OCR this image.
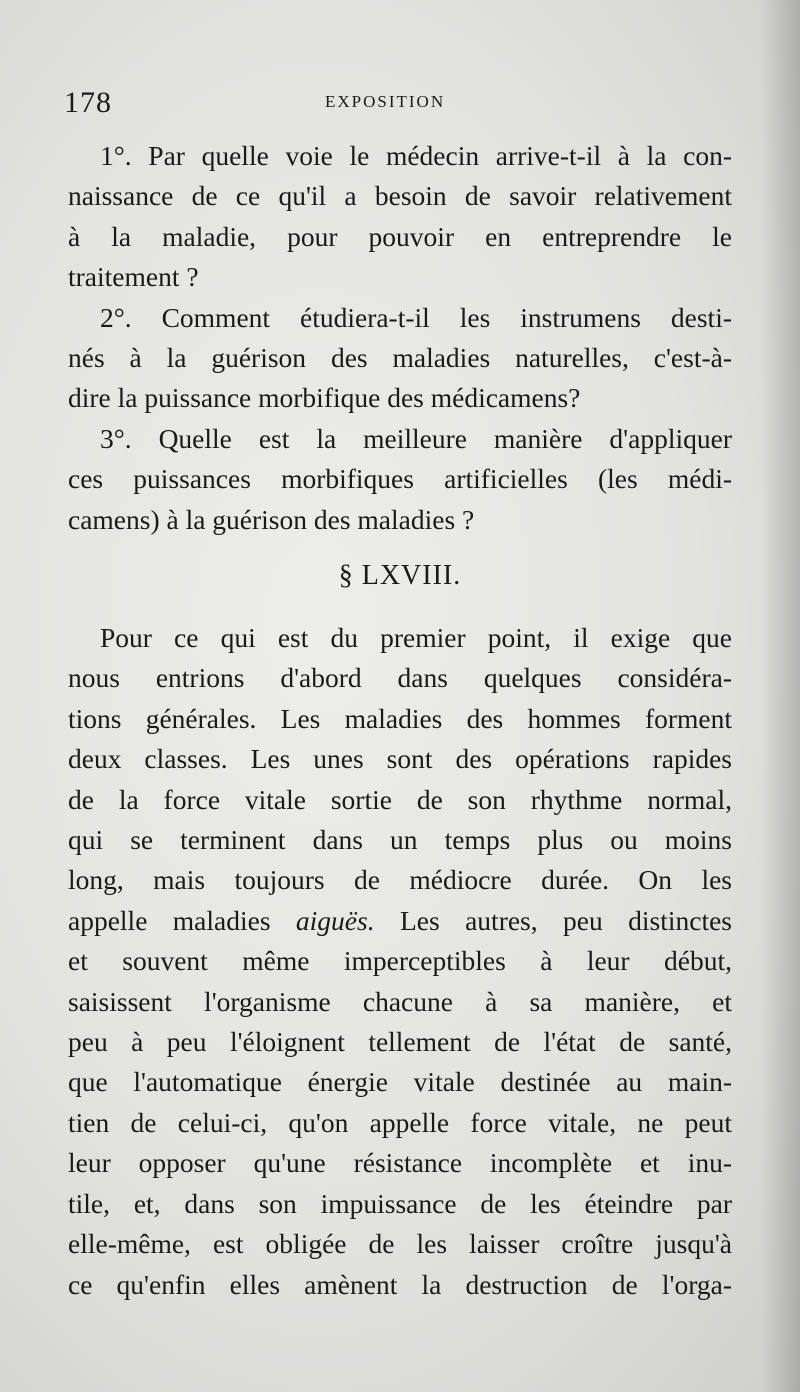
178	EXPOSITION
1°. Par quelle voie le médecin arrive-t-il à la con-
naissance de ce qu'il a besoin de savoir relativement
à la maladie, pour pouvoir en entreprendre le
traitement ?
2°. Comment étudiera-t-il les instrumens desti-
nés à la guérison des maladies naturelles, c'est-à-
dire la puissance morbifique des médicamens?
3°. Quelle est la meilleure manière d'appliquer
ces puissances morbifiques artificielles (les médi-
camens) à la guérison des maladies ?
§ LXVIII.
Pour ce qui est du premier point, il exige que
nous entrions d'abord dans quelques considéra-
tions générales. Les maladies des hommes forment
deux classes. Les unes sont des opérations rapides
de la force vitale sortie de son rhythme normal,
qui se terminent dans un temps plus ou moins
long, mais toujours de médiocre durée. On les
appelle maladies aiguës. Les autres, peu distinctes
et souvent même imperceptibles à leur début,
saisissent l'organisme chacune à sa manière, et
peu à peu l'éloignent tellement de l'état de santé,
que l'automatique énergie vitale destinée au main-
tien de celui-ci, qu'on appelle force vitale, ne peut
leur opposer qu'une résistance incomplète et inu-
tile, et, dans son impuissance de les éteindre par
elle-même, est obligée de les laisser croître jusqu'à
ce qu'enfin elles amènent la destruction de l'orga-
